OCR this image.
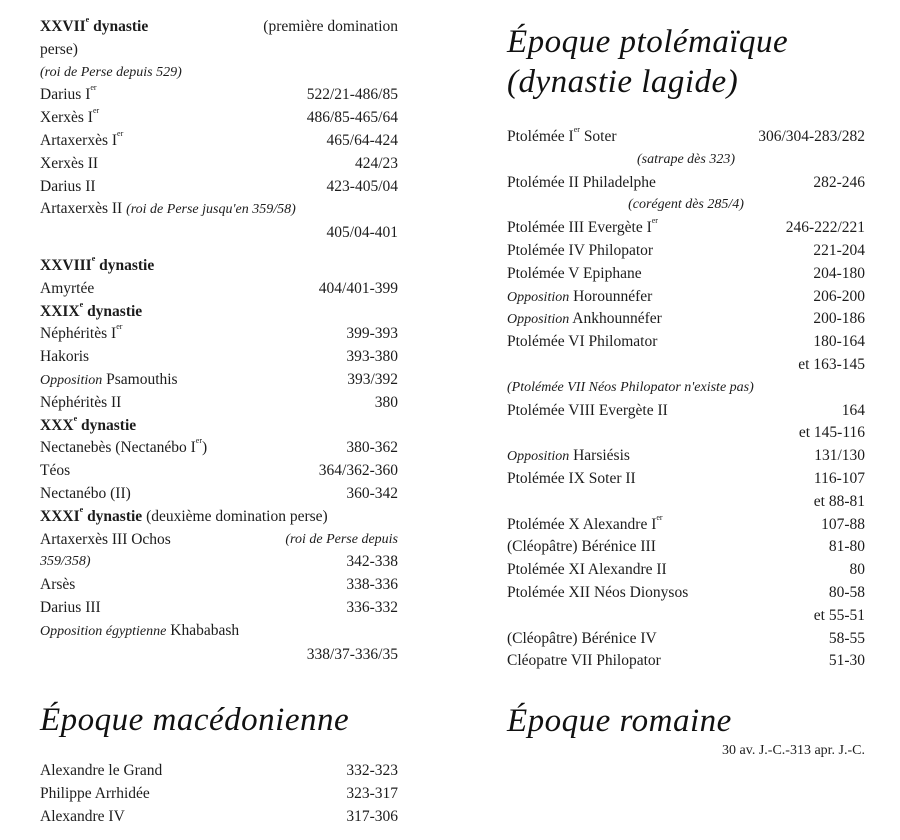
XXVIIe dynastie	(première domination
perse)
(roi de Perse depuis 529)
Darius Ier	522/21-486/85
Xerxès Ier	486/85-465/64
Artaxerxès Ier	465/64-424
Xerxès II	424/23
Darius II	423-405/04
Artaxerxès II (roi de Perse jusqu'en 359/58)
405/04-401
XXVIIIe dynastie
Amyrtée	404/401-399
XXIXe dynastie
Néphéritès Ier	399-393
Hakoris	393-380
Opposition Psamouthis	393/392
Néphéritès II	380
XXXe dynastie
Nectanebès (Nectanébo Ier)	380-362
Téos	364/362-360
Nectanébo (II)	360-342
XXXIe dynastie (deuxième domination perse)
Artaxerxès III Ochos	(roi de Perse depuis
359/358)	342-338
Arsès	338-336
Darius III	336-332
Opposition égyptienne Khababash
338/37-336/35
Époque macédonienne
Alexandre le Grand	332-323
Philippe Arrhidée	323-317
Alexandre IV	317-306
Époque ptolémaïque
(dynastie lagide)
Ptolémée Ier Soter	306/304-283/282
(satrape dès 323)
Ptolémée II Philadelphe	282-246
(corégent dès 285/4)
Ptolémée III Evergète Ier	246-222/221
Ptolémée IV Philopator	221-204
Ptolémée V Epiphane	204-180
Opposition Horounnéfer	206-200
Opposition Ankhounnéfer	200-186
Ptolémée VI Philomator	180-164
et 163-145
(Ptolémée VII Néos Philopator n'existe pas)
Ptolémée VIII Evergète II	164
et 145-116
Opposition Harsiésis	131/130
Ptolémée IX Soter II	116-107
et 88-81
Ptolémée X Alexandre Ier	107-88
(Cléopâtre) Bérénice III	81-80
Ptolémée XI Alexandre II	80
Ptolémée XII Néos Dionysos	80-58
et 55-51
(Cléopâtre) Bérénice IV	58-55
Cléopatre VII Philopator	51-30
Époque romaine
30 av. J.-C.-313 apr. J.-C.
